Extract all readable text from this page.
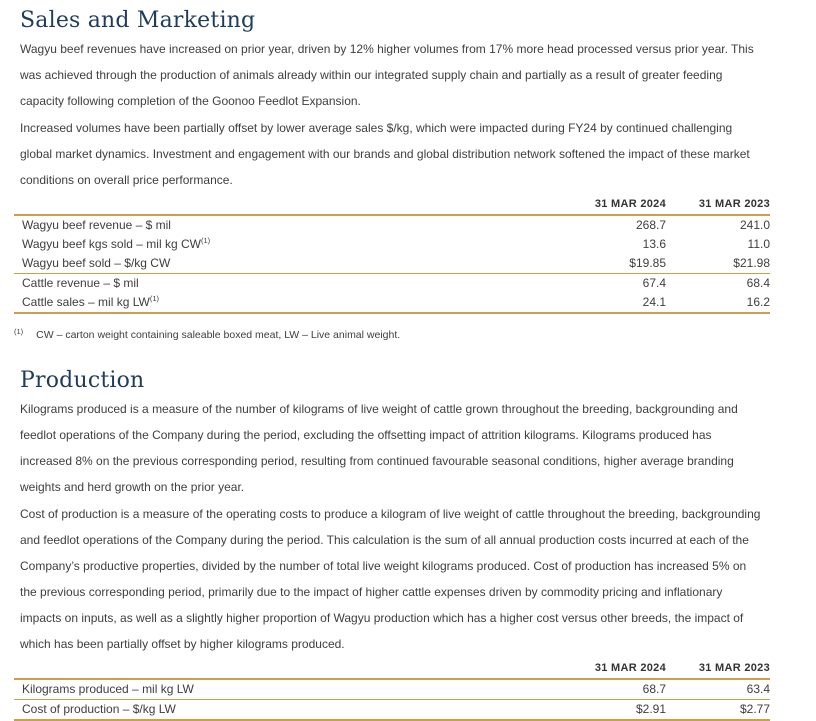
Sales and Marketing

Wagyu beef revenues have increased on prior year, driven by 12% higher volumes from 17% more head processed versus prior year. This was achieved through the production of animals already within our integrated supply chain and partially as a result of greater feeding capacity following completion of the Goonoo Feedlot Expansion.

Increased volumes have been partially offset by lower average sales $/kg, which were impacted during FY24 by continued challenging global market dynamics. Investment and engagement with our brands and global distribution network softened the impact of these market conditions on overall price performance.

	31 MAR 2024	31 MAR 2023
Wagyu beef revenue – $ mil	268.7	241.0
Wagyu beef kgs sold – mil kg CW$^{(1)}$	13.6	11.0
Wagyu beef sold – $/kg CW	$19.85	$21.98
Cattle revenue – $ mil	67.4	68.4
Cattle sales – mil kg LW$^{(1)}$	24.1	16.2

$^{(1)}$ CW – carton weight containing saleable boxed meat, LW – Live animal weight.

Production

Kilograms produced is a measure of the number of kilograms of live weight of cattle grown throughout the breeding, backgrounding and feedlot operations of the Company during the period, excluding the offsetting impact of attrition kilograms. Kilograms produced has increased 8% on the previous corresponding period, resulting from continued favourable seasonal conditions, higher average branding weights and herd growth on the prior year.

Cost of production is a measure of the operating costs to produce a kilogram of live weight of cattle throughout the breeding, backgrounding and feedlot operations of the Company during the period. This calculation is the sum of all annual production costs incurred at each of the Company’s productive properties, divided by the number of total live weight kilograms produced. Cost of production has increased 5% on the previous corresponding period, primarily due to the impact of higher cattle expenses driven by commodity pricing and inflationary impacts on inputs, as well as a slightly higher proportion of Wagyu production which has a higher cost versus other breeds, the impact of which has been partially offset by higher kilograms produced.

	31 MAR 2024	31 MAR 2023
Kilograms produced – mil kg LW	68.7	63.4
Cost of production – $/kg LW	$2.91	$2.77
